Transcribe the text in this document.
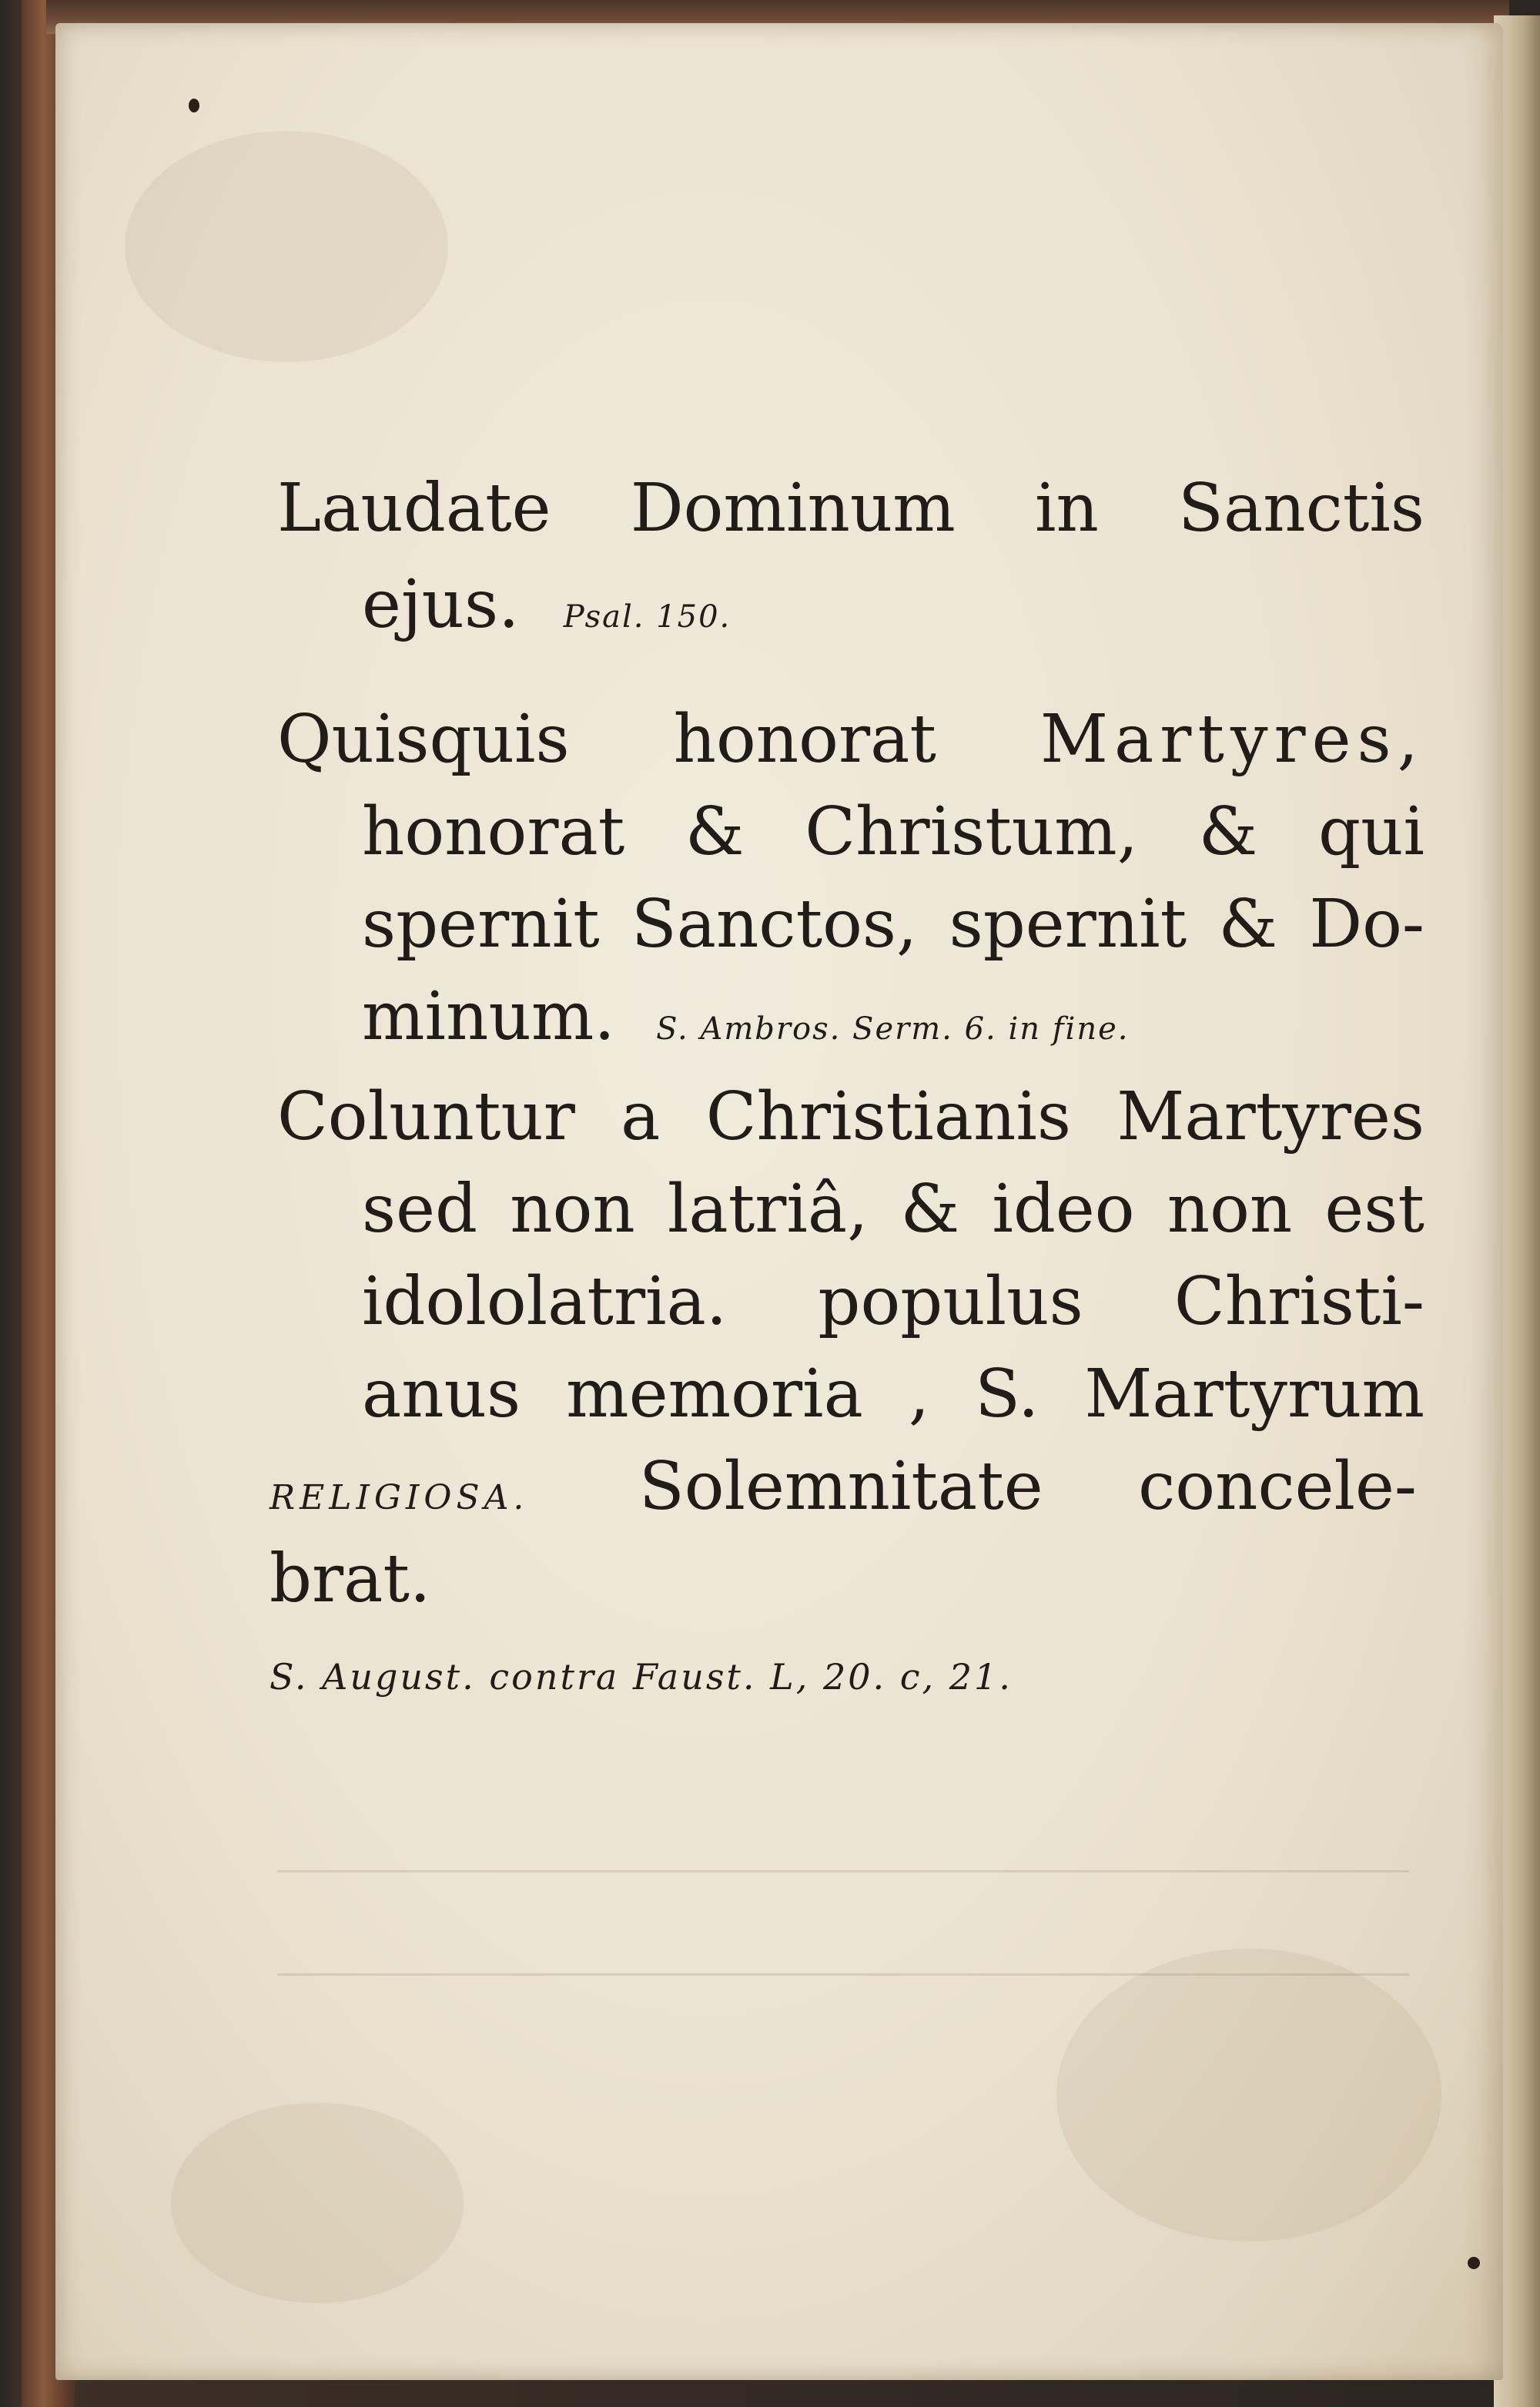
Laudate Dominum in Sanctis
ejus. Psal. 150.
Quisquis honorat Martyres,
honorat & Christum, & qui
spernit Sanctos, spernit & Do-
minum. S. Ambros. Serm. 6. in fine.
Coluntur a Christianis Martyres
sed non latriâ, & ideo non est
idololatria. populus Christi-
anus memoria , S. Martyrum
RELIGIOSA. Solemnitate concele-
brat.
S. August. contra Faust. L, 20. c, 21.
